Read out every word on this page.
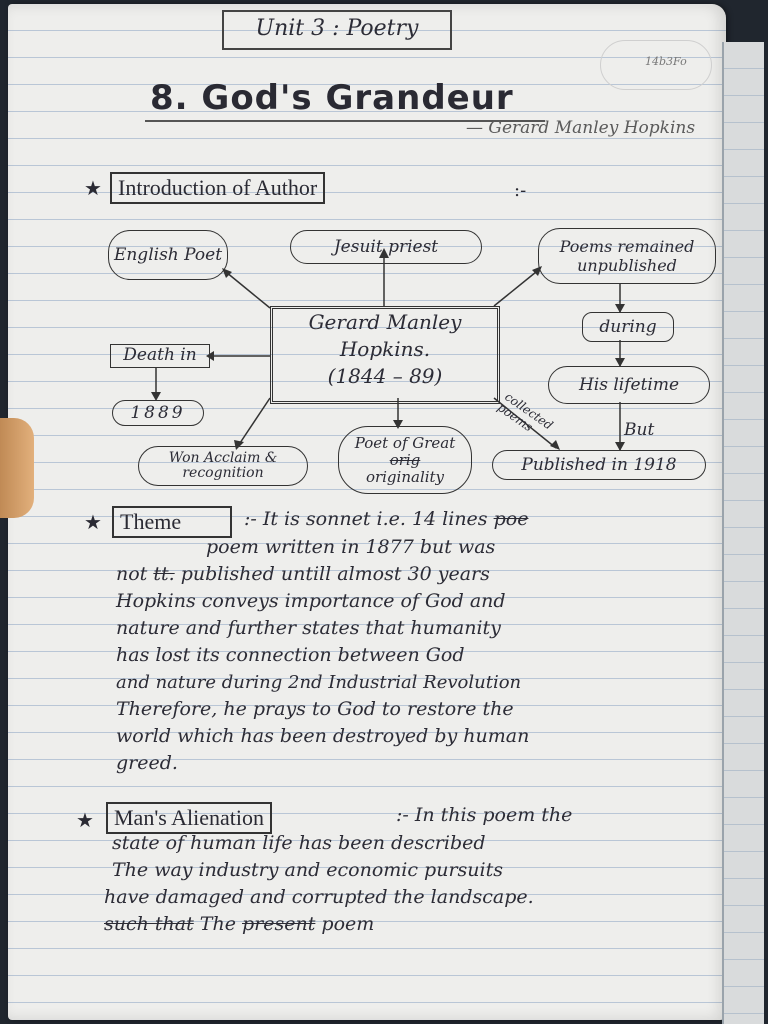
Unit 3 : Poetry
14b3Fo
8. God's Grandeur
— Gerard Manley Hopkins
★ Introduction of Author	:-
Gerard Manley Hopkins.
(1844 – 89)
English Poet	Jesuit priest	Poems remained unpublished
during
His lifetime
But
Published in 1918
collected poems
Poet of Great
orig
originality
Won Acclaim & recognition
Death in
1889
★ Theme	:- It is sonnet i.e. 14 lines poe
poem written in 1877 but was
not tt. published untill almost 30 years
Hopkins conveys importance of God and
nature and further states that humanity
has lost its connection between God
and nature during 2nd Industrial Revolution
Therefore, he prays to God to restore the
world which has been destroyed by human
greed.
★ Man's Alienation	:- In this poem the
state of human life has been described
The way industry and economic pursuits
have damaged and corrupted the landscape.
such that The present poem
